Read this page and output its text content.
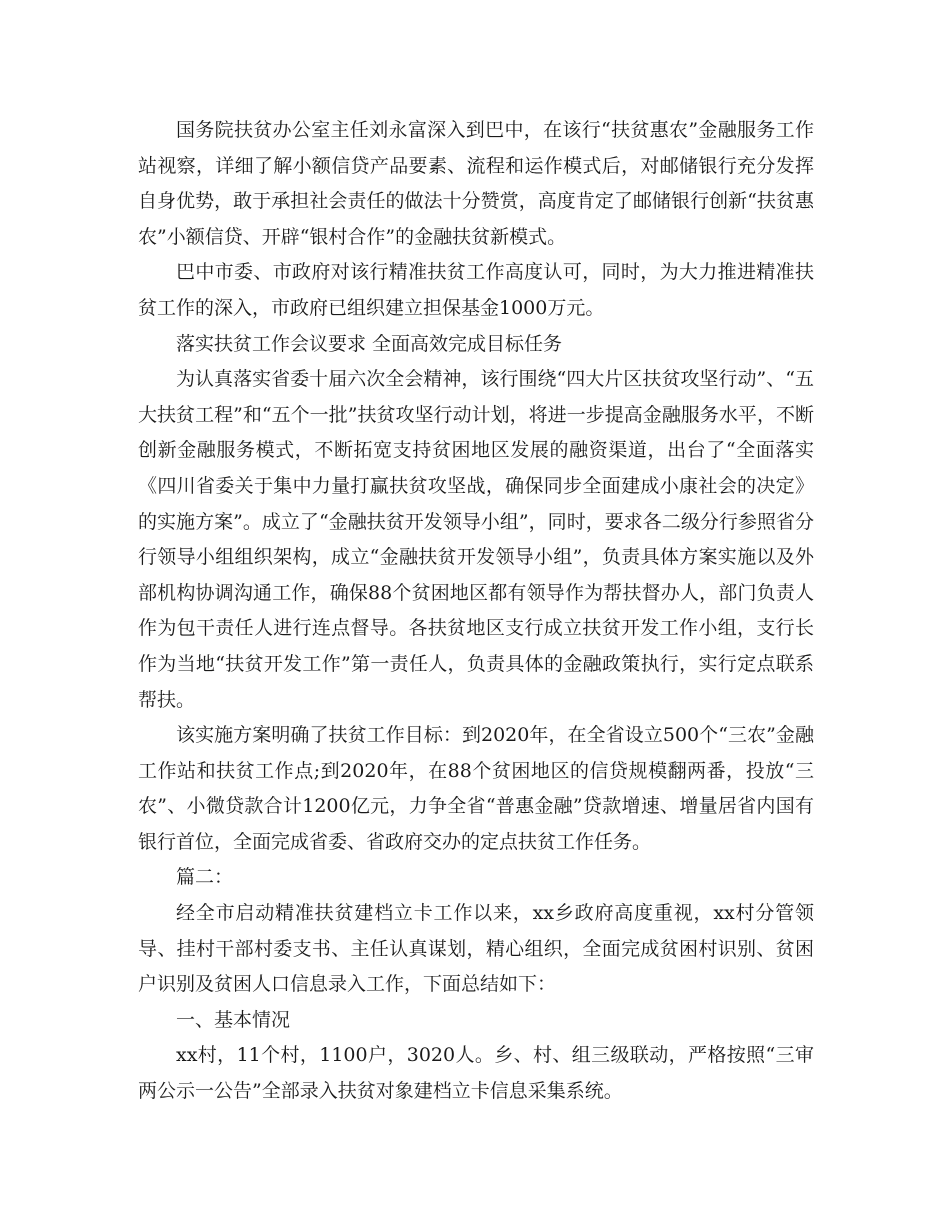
国务院扶贫办公室主任刘永富深入到巴中，在该行“扶贫惠农”金融服务工作站视察，详细了解小额信贷产品要素、流程和运作模式后，对邮储银行充分发挥自身优势，敢于承担社会责任的做法十分赞赏，高度肯定了邮储银行创新“扶贫惠农”小额信贷、开辟“银村合作”的金融扶贫新模式。

巴中市委、市政府对该行精准扶贫工作高度认可，同时，为大力推进精准扶贫工作的深入，市政府已组织建立担保基金1000万元。

落实扶贫工作会议要求 全面高效完成目标任务

为认真落实省委十届六次全会精神，该行围绕“四大片区扶贫攻坚行动”、“五大扶贫工程”和“五个一批”扶贫攻坚行动计划，将进一步提高金融服务水平，不断创新金融服务模式，不断拓宽支持贫困地区发展的融资渠道，出台了“全面落实《四川省委关于集中力量打赢扶贫攻坚战，确保同步全面建成小康社会的决定》的实施方案”。成立了“金融扶贫开发领导小组”，同时，要求各二级分行参照省分行领导小组组织架构，成立“金融扶贫开发领导小组”，负责具体方案实施以及外部机构协调沟通工作，确保88个贫困地区都有领导作为帮扶督办人，部门负责人作为包干责任人进行连点督导。各扶贫地区支行成立扶贫开发工作小组，支行长作为当地“扶贫开发工作”第一责任人，负责具体的金融政策执行，实行定点联系帮扶。

该实施方案明确了扶贫工作目标：到2020年，在全省设立500个“三农”金融工作站和扶贫工作点;到2020年，在88个贫困地区的信贷规模翻两番，投放“三农”、小微贷款合计1200亿元，力争全省“普惠金融”贷款增速、增量居省内国有银行首位，全面完成省委、省政府交办的定点扶贫工作任务。

篇二：

经全市启动精准扶贫建档立卡工作以来，xx乡政府高度重视，xx村分管领导、挂村干部村委支书、主任认真谋划，精心组织，全面完成贫困村识别、贫困户识别及贫困人口信息录入工作，下面总结如下：

一、基本情况

xx村，11个村，1100户，3020人。乡、村、组三级联动，严格按照“三审两公示一公告”全部录入扶贫对象建档立卡信息采集系统。
